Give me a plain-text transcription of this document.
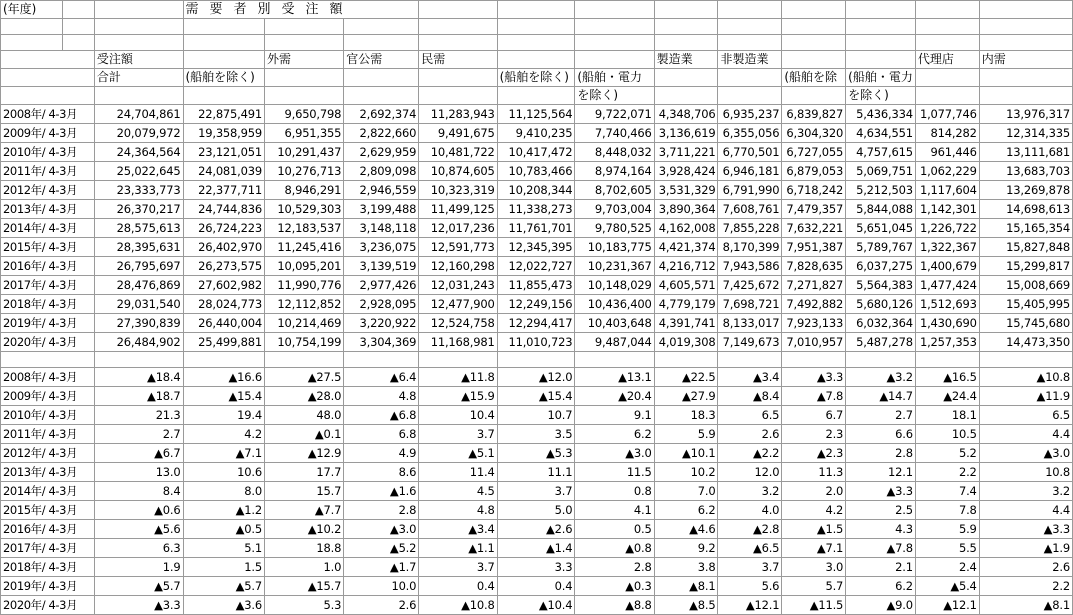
(年度)			需要者別受注額											

		受注額		外需	官公需	民需			製造業	非製造業			代理店	内需
		合計	(船舶を除く)				(船舶を除く)	(船舶・電力			(船舶を除	(船舶・電力		
								を除く)				を除く)		
2008年/ 4-3月		24,704,861	22,875,491	9,650,798	2,692,374	11,283,943	11,125,564	9,722,071	4,348,706	6,935,237	6,839,827	5,436,334	1,077,746	13,976,317
2009年/ 4-3月		20,079,972	19,358,959	6,951,355	2,822,660	9,491,675	9,410,235	7,740,466	3,136,619	6,355,056	6,304,320	4,634,551	814,282	12,314,335
2010年/ 4-3月		24,364,564	23,121,051	10,291,437	2,629,959	10,481,722	10,417,472	8,448,032	3,711,221	6,770,501	6,727,055	4,757,615	961,446	13,111,681
2011年/ 4-3月		25,022,645	24,081,039	10,276,713	2,809,098	10,874,605	10,783,466	8,974,164	3,928,424	6,946,181	6,879,053	5,069,751	1,062,229	13,683,703
2012年/ 4-3月		23,333,773	22,377,711	8,946,291	2,946,559	10,323,319	10,208,344	8,702,605	3,531,329	6,791,990	6,718,242	5,212,503	1,117,604	13,269,878
2013年/ 4-3月		26,370,217	24,744,836	10,529,303	3,199,488	11,499,125	11,338,273	9,703,004	3,890,364	7,608,761	7,479,357	5,844,088	1,142,301	14,698,613
2014年/ 4-3月		28,575,613	26,724,223	12,183,537	3,148,118	12,017,236	11,761,701	9,780,525	4,162,008	7,855,228	7,632,221	5,651,045	1,226,722	15,165,354
2015年/ 4-3月		28,395,631	26,402,970	11,245,416	3,236,075	12,591,773	12,345,395	10,183,775	4,421,374	8,170,399	7,951,387	5,789,767	1,322,367	15,827,848
2016年/ 4-3月		26,795,697	26,273,575	10,095,201	3,139,519	12,160,298	12,022,727	10,231,367	4,216,712	7,943,586	7,828,635	6,037,275	1,400,679	15,299,817
2017年/ 4-3月		28,476,869	27,602,982	11,990,776	2,977,426	12,031,243	11,855,473	10,148,029	4,605,571	7,425,672	7,271,827	5,564,383	1,477,424	15,008,669
2018年/ 4-3月		29,031,540	28,024,773	12,112,852	2,928,095	12,477,900	12,249,156	10,436,400	4,779,179	7,698,721	7,492,882	5,680,126	1,512,693	15,405,995
2019年/ 4-3月		27,390,839	26,440,004	10,214,469	3,220,922	12,524,758	12,294,417	10,403,648	4,391,741	8,133,017	7,923,133	6,032,364	1,430,690	15,745,680
2020年/ 4-3月		26,484,902	25,499,881	10,754,199	3,304,369	11,168,981	11,010,723	9,487,044	4,019,308	7,149,673	7,010,957	5,487,278	1,257,353	14,473,350

2008年/ 4-3月		▲18.4	▲16.6	▲27.5	▲6.4	▲11.8	▲12.0	▲13.1	▲22.5	▲3.4	▲3.3	▲3.2	▲16.5	▲10.8
2009年/ 4-3月		▲18.7	▲15.4	▲28.0	4.8	▲15.9	▲15.4	▲20.4	▲27.9	▲8.4	▲7.8	▲14.7	▲24.4	▲11.9
2010年/ 4-3月		21.3	19.4	48.0	▲6.8	10.4	10.7	9.1	18.3	6.5	6.7	2.7	18.1	6.5
2011年/ 4-3月		2.7	4.2	▲0.1	6.8	3.7	3.5	6.2	5.9	2.6	2.3	6.6	10.5	4.4
2012年/ 4-3月		▲6.7	▲7.1	▲12.9	4.9	▲5.1	▲5.3	▲3.0	▲10.1	▲2.2	▲2.3	2.8	5.2	▲3.0
2013年/ 4-3月		13.0	10.6	17.7	8.6	11.4	11.1	11.5	10.2	12.0	11.3	12.1	2.2	10.8
2014年/ 4-3月		8.4	8.0	15.7	▲1.6	4.5	3.7	0.8	7.0	3.2	2.0	▲3.3	7.4	3.2
2015年/ 4-3月		▲0.6	▲1.2	▲7.7	2.8	4.8	5.0	4.1	6.2	4.0	4.2	2.5	7.8	4.4
2016年/ 4-3月		▲5.6	▲0.5	▲10.2	▲3.0	▲3.4	▲2.6	0.5	▲4.6	▲2.8	▲1.5	4.3	5.9	▲3.3
2017年/ 4-3月		6.3	5.1	18.8	▲5.2	▲1.1	▲1.4	▲0.8	9.2	▲6.5	▲7.1	▲7.8	5.5	▲1.9
2018年/ 4-3月		1.9	1.5	1.0	▲1.7	3.7	3.3	2.8	3.8	3.7	3.0	2.1	2.4	2.6
2019年/ 4-3月		▲5.7	▲5.7	▲15.7	10.0	0.4	0.4	▲0.3	▲8.1	5.6	5.7	6.2	▲5.4	2.2
2020年/ 4-3月		▲3.3	▲3.6	5.3	2.6	▲10.8	▲10.4	▲8.8	▲8.5	▲12.1	▲11.5	▲9.0	▲12.1	▲8.1
